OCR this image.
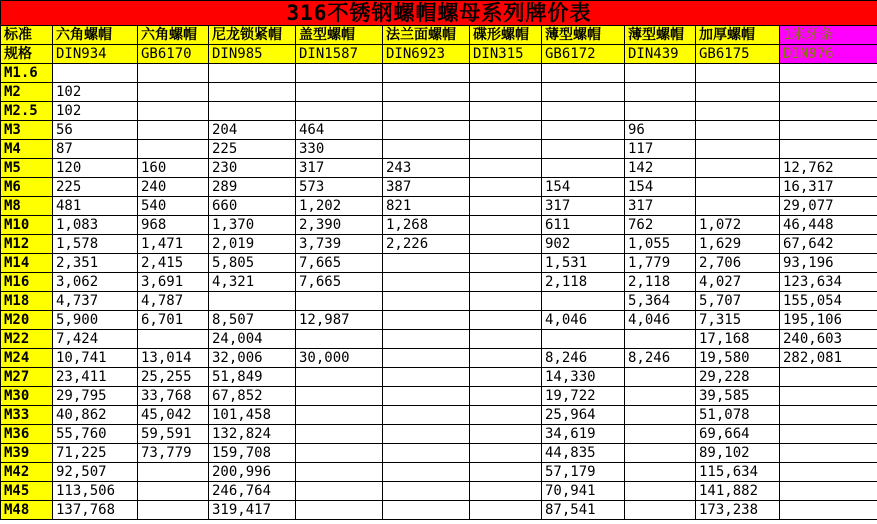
316不锈钢螺帽螺母系列牌价表										
标准	六角螺帽	六角螺帽	尼龙锁紧帽	盖型螺帽	法兰面螺帽	碟形螺帽	薄型螺帽	薄型螺帽	加厚螺帽	1米牙条
规格	DIN934	GB6170	DIN985	DIN1587	DIN6923	DIN315	GB6172	DIN439	GB6175	DIN976
M1.6										
M2	102									
M2.5	102									
M3	56		204	464				96		
M4	87		225	330				117		
M5	120	160	230	317	243			142		12,762
M6	225	240	289	573	387		154	154		16,317
M8	481	540	660	1,202	821		317	317		29,077
M10	1,083	968	1,370	2,390	1,268		611	762	1,072	46,448
M12	1,578	1,471	2,019	3,739	2,226		902	1,055	1,629	67,642
M14	2,351	2,415	5,805	7,665			1,531	1,779	2,706	93,196
M16	3,062	3,691	4,321	7,665			2,118	2,118	4,027	123,634
M18	4,737	4,787						5,364	5,707	155,054
M20	5,900	6,701	8,507	12,987			4,046	4,046	7,315	195,106
M22	7,424		24,004						17,168	240,603
M24	10,741	13,014	32,006	30,000			8,246	8,246	19,580	282,081
M27	23,411	25,255	51,849				14,330		29,228	
M30	29,795	33,768	67,852				19,722		39,585	
M33	40,862	45,042	101,458				25,964		51,078	
M36	55,760	59,591	132,824				34,619		69,664	
M39	71,225	73,779	159,708				44,835		89,102	
M42	92,507		200,996				57,179		115,634	
M45	113,506		246,764				70,941		141,882	
M48	137,768		319,417				87,541		173,238	
